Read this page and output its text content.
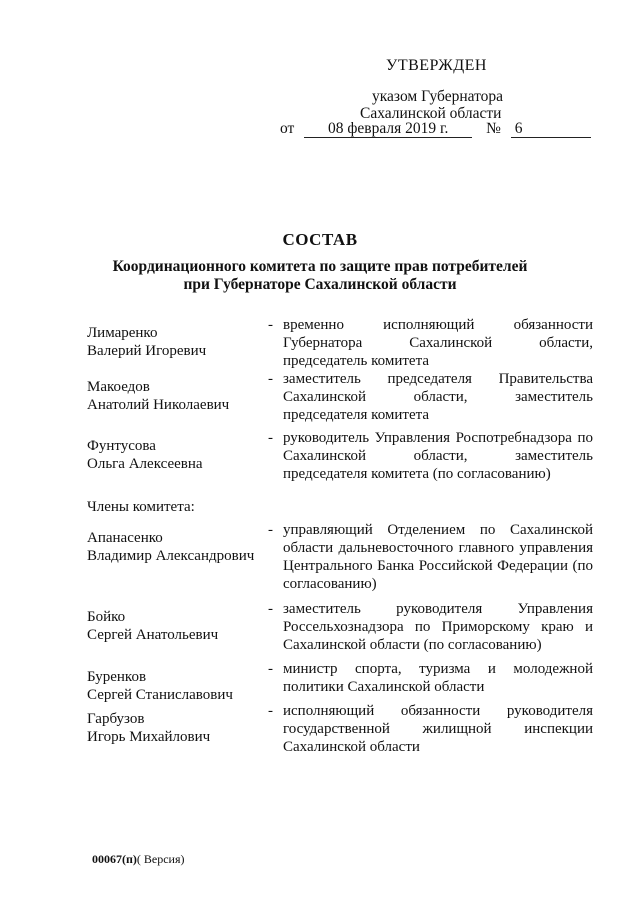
УТВЕРЖДЕН
указом Губернатора
Сахалинской области
от 08 февраля 2019 г. № 6
СОСТАВ
Координационного комитета по защите прав потребителей
при Губернаторе Сахалинской области
Лимаренко
Валерий Игоревич
- временно исполняющий обязанности Губернатора Сахалинской области, председатель комитета
Макоедов
Анатолий Николаевич
- заместитель председателя Правительства Сахалинской области, заместитель председателя комитета
Фунтусова
Ольга Алексеевна
- руководитель Управления Роспотребнадзора по Сахалинской области, заместитель председателя комитета (по согласованию)
Члены комитета:
Апанасенко
Владимир Александрович
- управляющий Отделением по Сахалинской области дальневосточного главного управления Центрального Банка Российской Федерации (по согласованию)
Бойко
Сергей Анатольевич
- заместитель руководителя Управления Россельхознадзора по Приморскому краю и Сахалинской области (по согласованию)
Буренков
Сергей Станиславович
- министр спорта, туризма и молодежной политики Сахалинской области
Гарбузов
Игорь Михайлович
- исполняющий обязанности руководителя государственной жилищной инспекции Сахалинской области
00067(п)( Версия)
